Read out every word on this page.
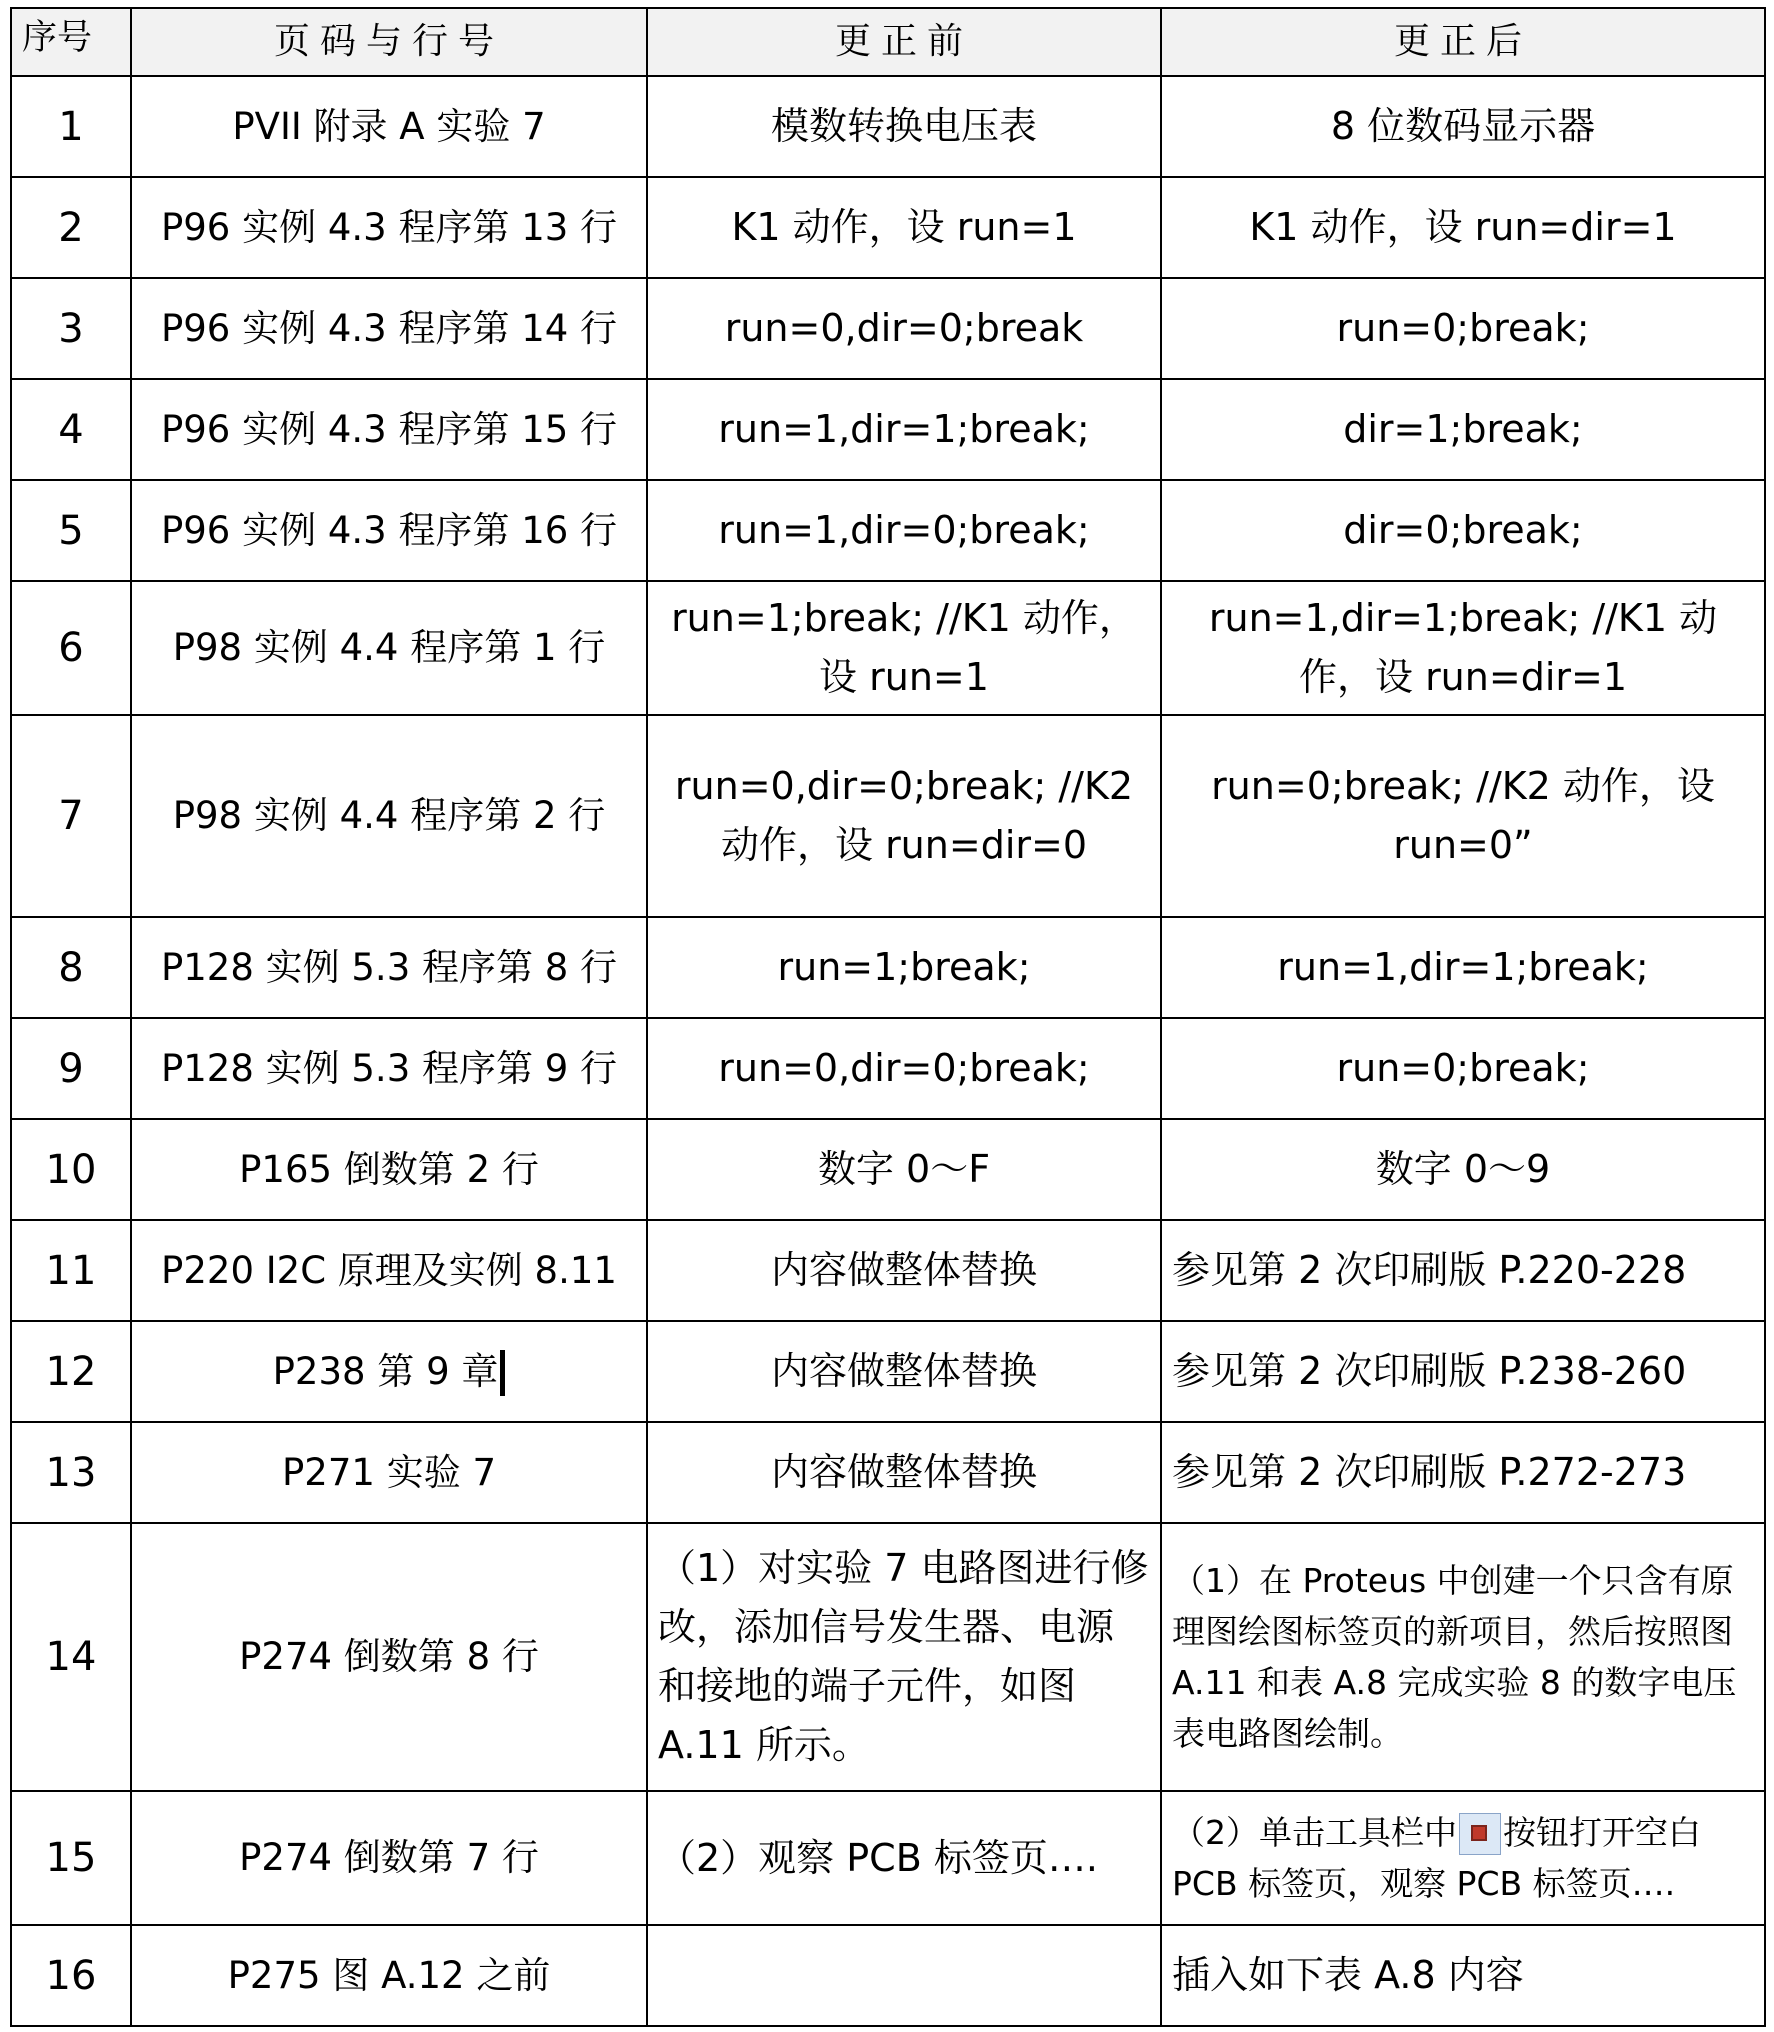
序号	页码与行号	更正前	更正后
1	PVII 附录 A 实验 7	模数转换电压表	8 位数码显示器
2	P96 实例 4.3 程序第 13 行	K1 动作，设 run=1	K1 动作，设 run=dir=1
3	P96 实例 4.3 程序第 14 行	run=0,dir=0;break	run=0;break;
4	P96 实例 4.3 程序第 15 行	run=1,dir=1;break;	dir=1;break;
5	P96 实例 4.3 程序第 16 行	run=1,dir=0;break;	dir=0;break;
6	P98 实例 4.4 程序第 1 行	run=1;break; //K1 动作，设 run=1	run=1,dir=1;break; //K1 动作，设 run=dir=1
7	P98 实例 4.4 程序第 2 行	run=0,dir=0;break; //K2 动作，设 run=dir=0	run=0;break; //K2 动作，设 run=0”
8	P128 实例 5.3 程序第 8 行	run=1;break;	run=1,dir=1;break;
9	P128 实例 5.3 程序第 9 行	run=0,dir=0;break;	run=0;break;
10	P165 倒数第 2 行	数字 0～F	数字 0～9
11	P220 I2C 原理及实例 8.11	内容做整体替换	参见第 2 次印刷版 P.220-228
12	P238 第 9 章	内容做整体替换	参见第 2 次印刷版 P.238-260
13	P271 实验 7	内容做整体替换	参见第 2 次印刷版 P.272-273
14	P274 倒数第 8 行	（1）对实验 7 电路图进行修改，添加信号发生器、电源和接地的端子元件，如图 A.11 所示。	（1）在 Proteus 中创建一个只含有原理图绘图标签页的新项目，然后按照图 A.11 和表 A.8 完成实验 8 的数字电压表电路图绘制。
15	P274 倒数第 7 行	（2）观察 PCB 标签页….	（2）单击工具栏中 按钮打开空白 PCB 标签页，观察 PCB 标签页….
16	P275 图 A.12 之前		插入如下表 A.8 内容
